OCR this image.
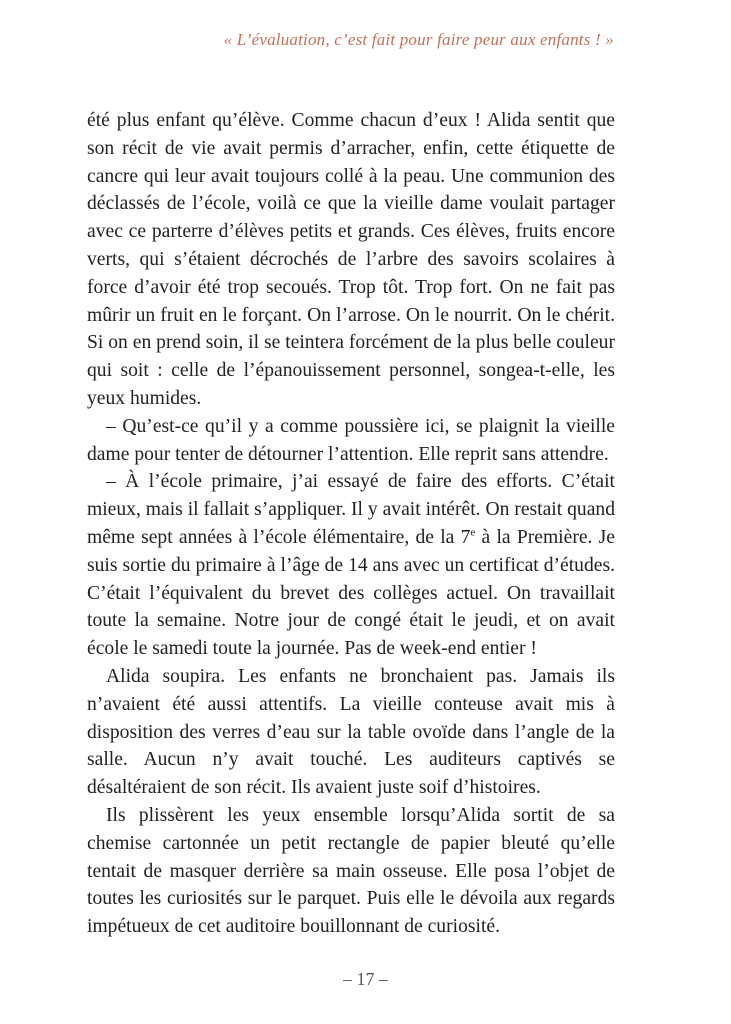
« L’évaluation, c’est fait pour faire peur aux enfants ! »

été plus enfant qu’élève. Comme chacun d’eux ! Alida sentit que son récit de vie avait permis d’arracher, enfin, cette étiquette de cancre qui leur avait toujours collé à la peau. Une communion des déclassés de l’école, voilà ce que la vieille dame voulait partager avec ce parterre d’élèves petits et grands. Ces élèves, fruits encore verts, qui s’étaient décrochés de l’arbre des savoirs scolaires à force d’avoir été trop secoués. Trop tôt. Trop fort. On ne fait pas mûrir un fruit en le forçant. On l’arrose. On le nourrit. On le chérit. Si on en prend soin, il se teintera forcément de la plus belle couleur qui soit : celle de l’épanouissement personnel, songea-t-elle, les yeux humides.

– Qu’est-ce qu’il y a comme poussière ici, se plaignit la vieille dame pour tenter de détourner l’attention. Elle reprit sans attendre.

– À l’école primaire, j’ai essayé de faire des efforts. C’était mieux, mais il fallait s’appliquer. Il y avait intérêt. On restait quand même sept années à l’école élémentaire, de la 7e à la Première. Je suis sortie du primaire à l’âge de 14 ans avec un certificat d’études. C’était l’équivalent du brevet des collèges actuel. On travaillait toute la semaine. Notre jour de congé était le jeudi, et on avait école le samedi toute la journée. Pas de week-end entier !

Alida soupira. Les enfants ne bronchaient pas. Jamais ils n’avaient été aussi attentifs. La vieille conteuse avait mis à disposition des verres d’eau sur la table ovoïde dans l’angle de la salle. Aucun n’y avait touché. Les auditeurs captivés se désaltéraient de son récit. Ils avaient juste soif d’histoires.

Ils plissèrent les yeux ensemble lorsqu’Alida sortit de sa chemise cartonnée un petit rectangle de papier bleuté qu’elle tentait de masquer derrière sa main osseuse. Elle posa l’objet de toutes les curiosités sur le parquet. Puis elle le dévoila aux regards impétueux de cet auditoire bouillonnant de curiosité.

– 17 –
